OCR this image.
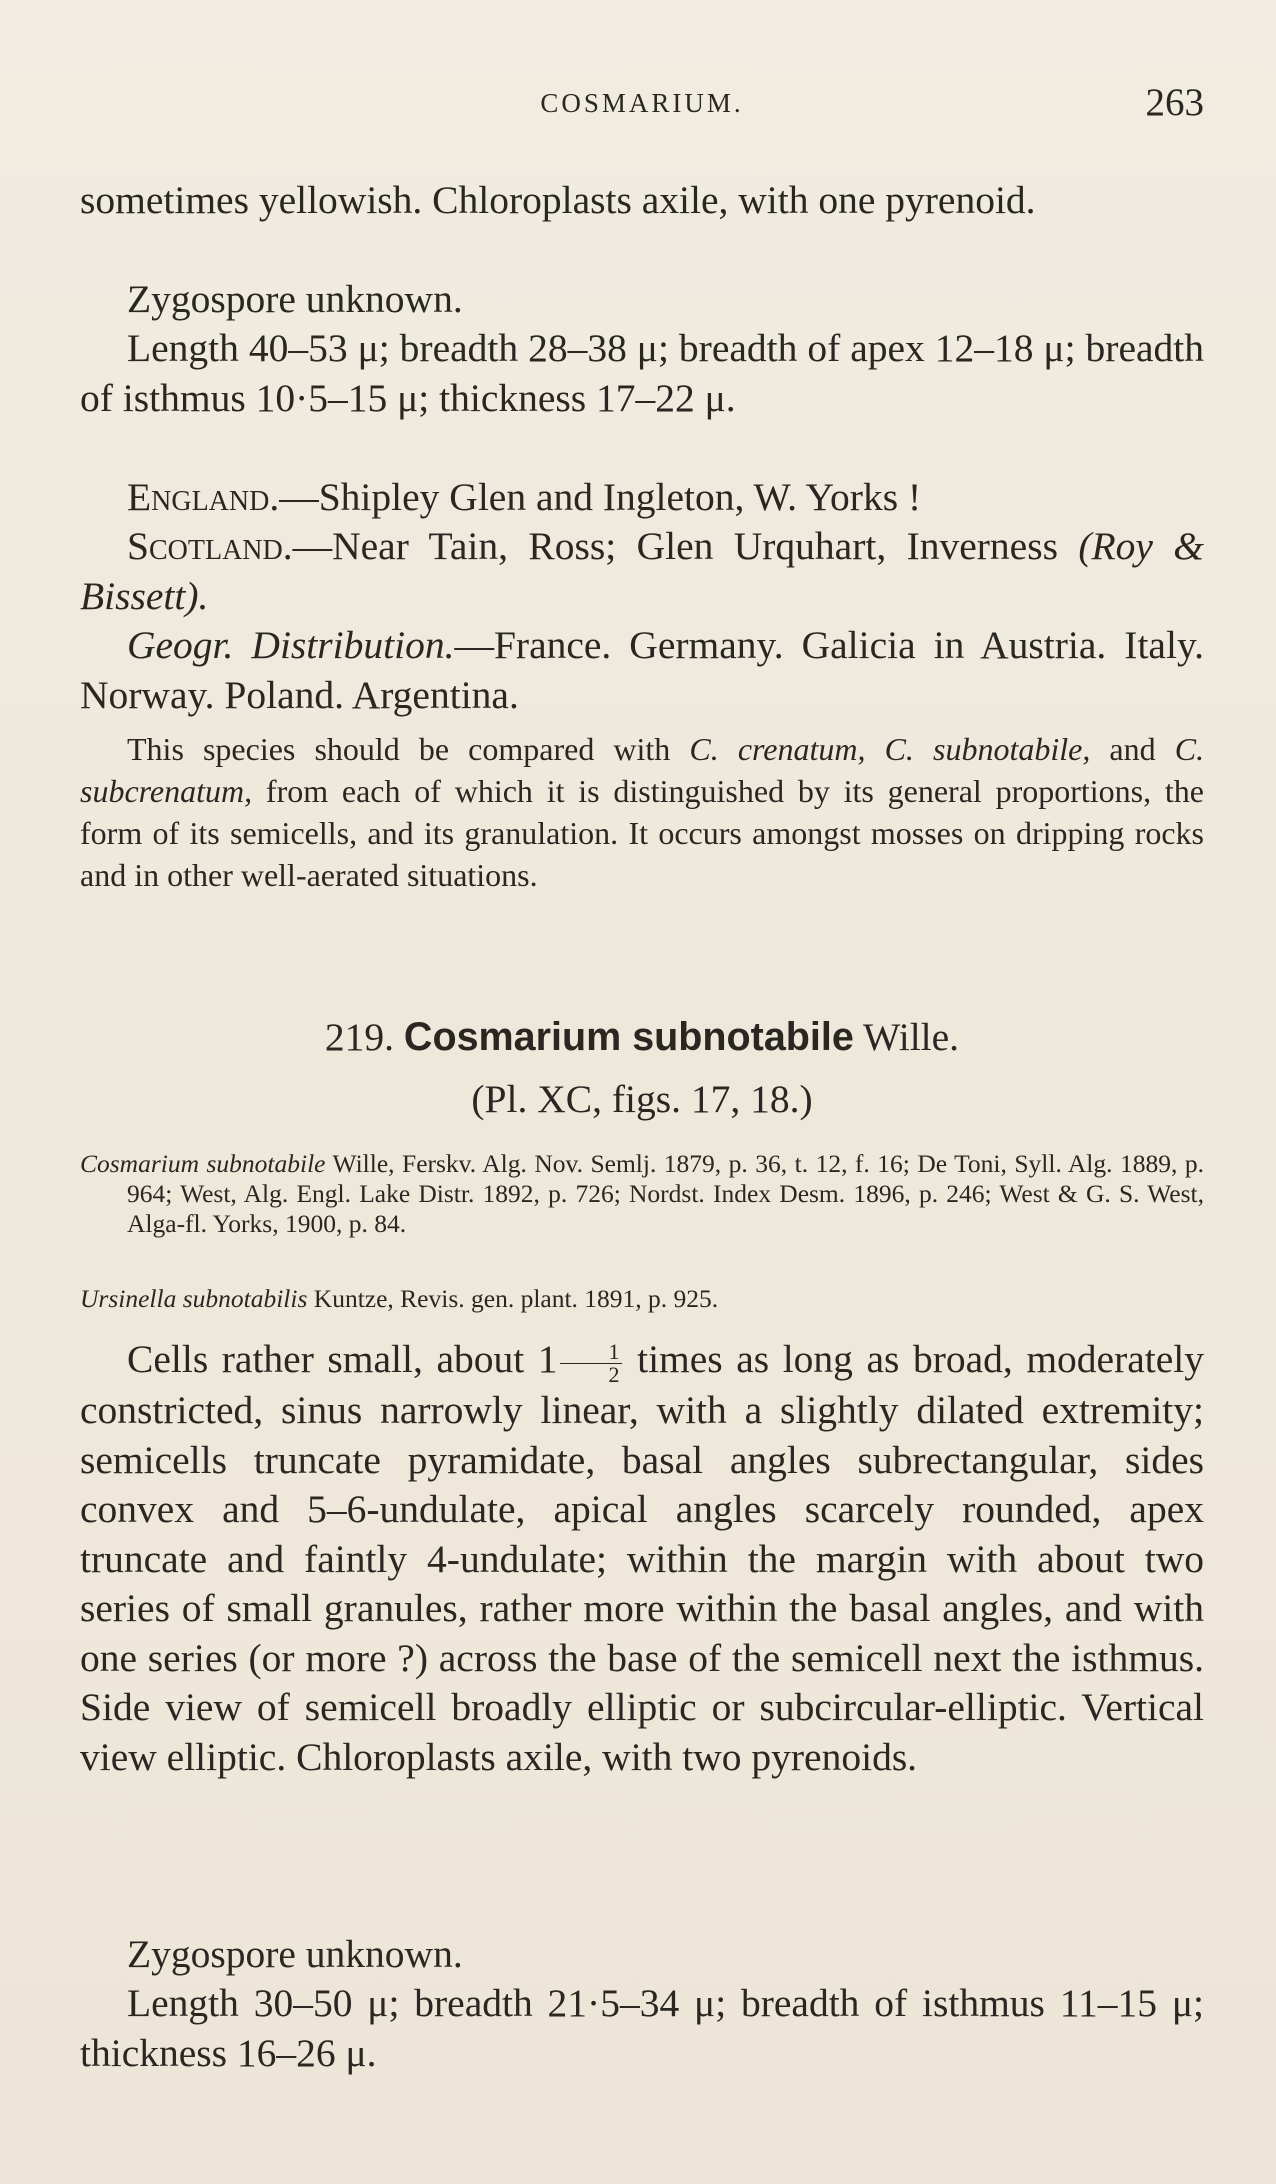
COSMARIUM.	263

sometimes yellowish. Chloroplasts axile, with one pyrenoid.

Zygospore unknown.

Length 40–53 μ; breadth 28–38 μ; breadth of apex 12–18 μ; breadth of isthmus 10·5–15 μ; thickness 17–22 μ.

England.—Shipley Glen and Ingleton, W. Yorks !

Scotland.—Near Tain, Ross; Glen Urquhart, Inverness (Roy & Bissett).

Geogr. Distribution.—France. Germany. Galicia in Austria. Italy. Norway. Poland. Argentina.

This species should be compared with C. crenatum, C. subnotabile, and C. subcrenatum, from each of which it is distinguished by its general proportions, the form of its semicells, and its granulation. It occurs amongst mosses on dripping rocks and in other well-aerated situations.

219. Cosmarium subnotabile Wille.

(Pl. XC, figs. 17, 18.)

Cosmarium subnotabile Wille, Ferskv. Alg. Nov. Semlj. 1879, p. 36, t. 12, f. 16; De Toni, Syll. Alg. 1889, p. 964; West, Alg. Engl. Lake Distr. 1892, p. 726; Nordst. Index Desm. 1896, p. 246; West & G. S. West, Alga-fl. Yorks, 1900, p. 84.

Ursinella subnotabilis Kuntze, Revis. gen. plant. 1891, p. 925.

Cells rather small, about $1 \frac{1}{2}$ times as long as broad, moderately constricted, sinus narrowly linear, with a slightly dilated extremity; semicells truncate pyramidate, basal angles subrectangular, sides convex and 5–6-undulate, apical angles scarcely rounded, apex truncate and faintly 4-undulate; within the margin with about two series of small granules, rather more within the basal angles, and with one series (or more ?) across the base of the semicell next the isthmus. Side view of semicell broadly elliptic or subcircular-elliptic. Vertical view elliptic. Chloroplasts axile, with two pyrenoids.

Zygospore unknown.

Length 30–50 μ; breadth 21·5–34 μ; breadth of isthmus 11–15 μ; thickness 16–26 μ.
